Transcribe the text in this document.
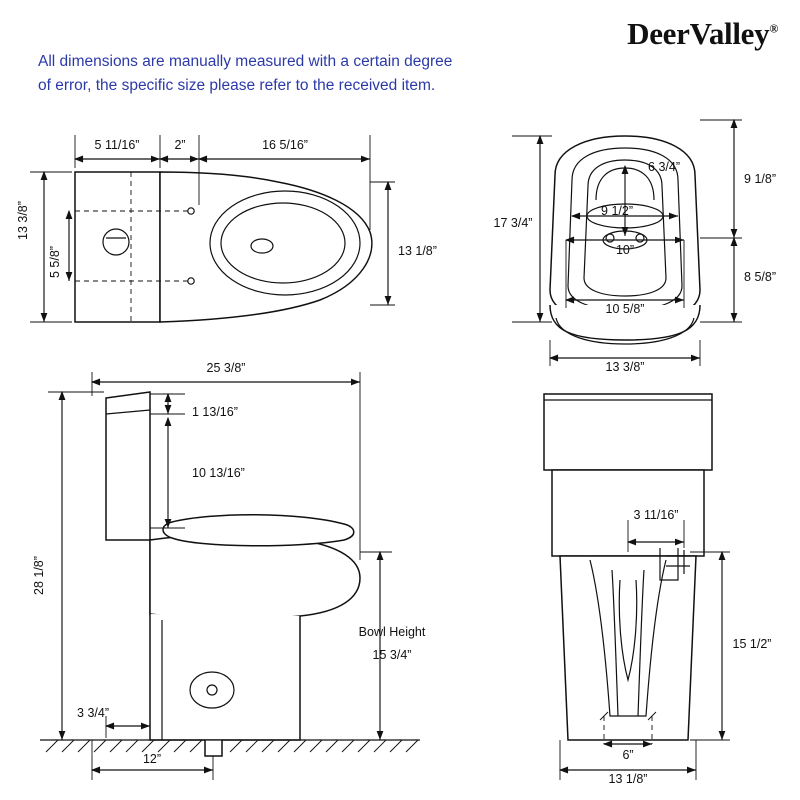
DeerValley®
All dimensions are manually measured with a certain degree
of error, the specific size please refer to the received item.
5 11/16”	2”	16 5/16”
13 3/8”
5 5/8”	13 1/8”
6 3/4”
9 1/8”
17 3/4”
9 1/2”
10”
8 5/8”
10 5/8”
13 3/8”
25 3/8”
1 13/16”
10 13/16”
28 1/8”
Bowl Height
15 3/4”
3 3/4”
12”
3 11/16”
15 1/2”
6”
13 1/8”
